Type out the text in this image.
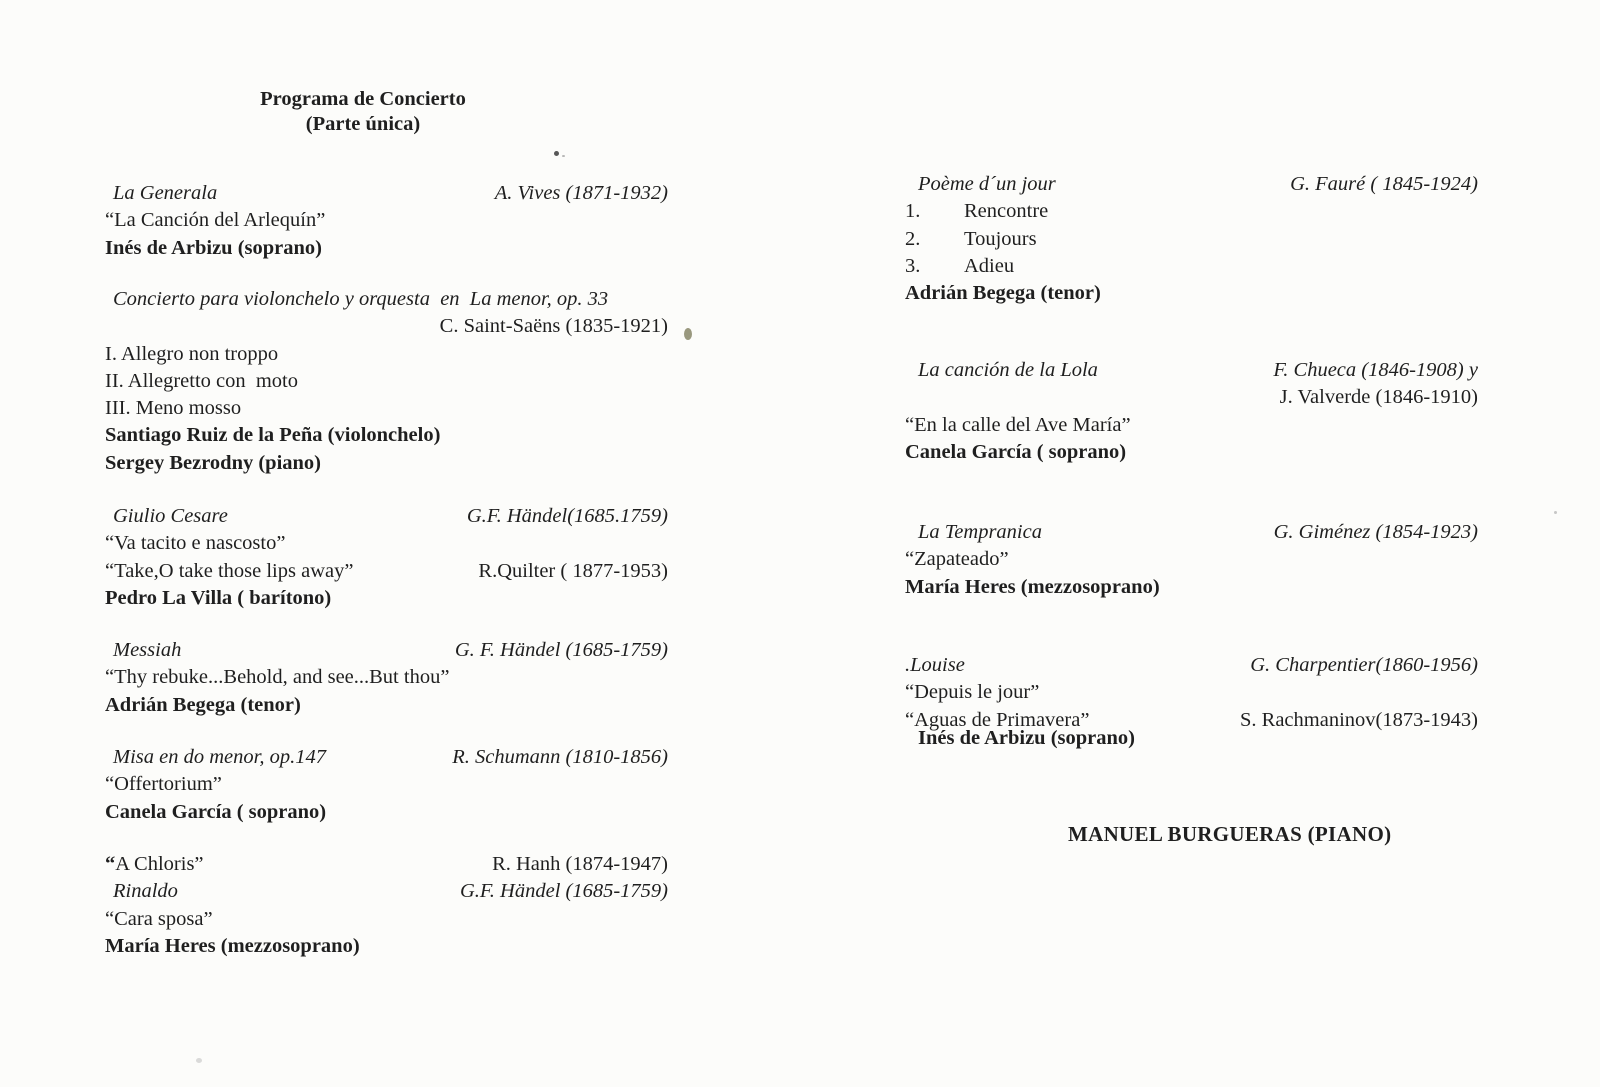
Programa de Concierto
(Parte única)
La Generala	A. Vives (1871-1932)
“La Canción del Arlequín”
Inés de Arbizu (soprano)
Concierto para violonchelo y orquesta  en  La menor, op. 33
C. Saint-Saëns (1835-1921)
I. Allegro non troppo
II. Allegretto con  moto
III. Meno mosso
Santiago Ruiz de la Peña (violonchelo)
Sergey Bezrodny (piano)
Giulio Cesare	G.F. Händel(1685.1759)
“Va tacito e nascosto”
“Take,O take those lips away”	R.Quilter ( 1877-1953)
Pedro La Villa ( barítono)
Messiah	G. F. Händel (1685-1759)
“Thy rebuke...Behold, and see...But thou”
Adrián Begega (tenor)
Misa en do menor, op.147	R. Schumann (1810-1856)
“Offertorium”
Canela García ( soprano)
“A Chloris”	R. Hanh (1874-1947)
Rinaldo	G.F. Händel (1685-1759)
“Cara sposa”
María Heres (mezzosoprano)
Poème d´un jour	G. Fauré ( 1845-1924)
1. Rencontre
2. Toujours
3. Adieu
Adrián Begega (tenor)
La canción de la Lola	F. Chueca (1846-1908) y
J. Valverde (1846-1910)
“En la calle del Ave María”
Canela García ( soprano)
La Tempranica	G. Giménez (1854-1923)
“Zapateado”
María Heres (mezzosoprano)
.Louise	G. Charpentier(1860-1956)
“Depuis le jour”
“Aguas de Primavera”	S. Rachmaninov(1873-1943)
Inés de Arbizu (soprano)
MANUEL BURGUERAS (PIANO)
